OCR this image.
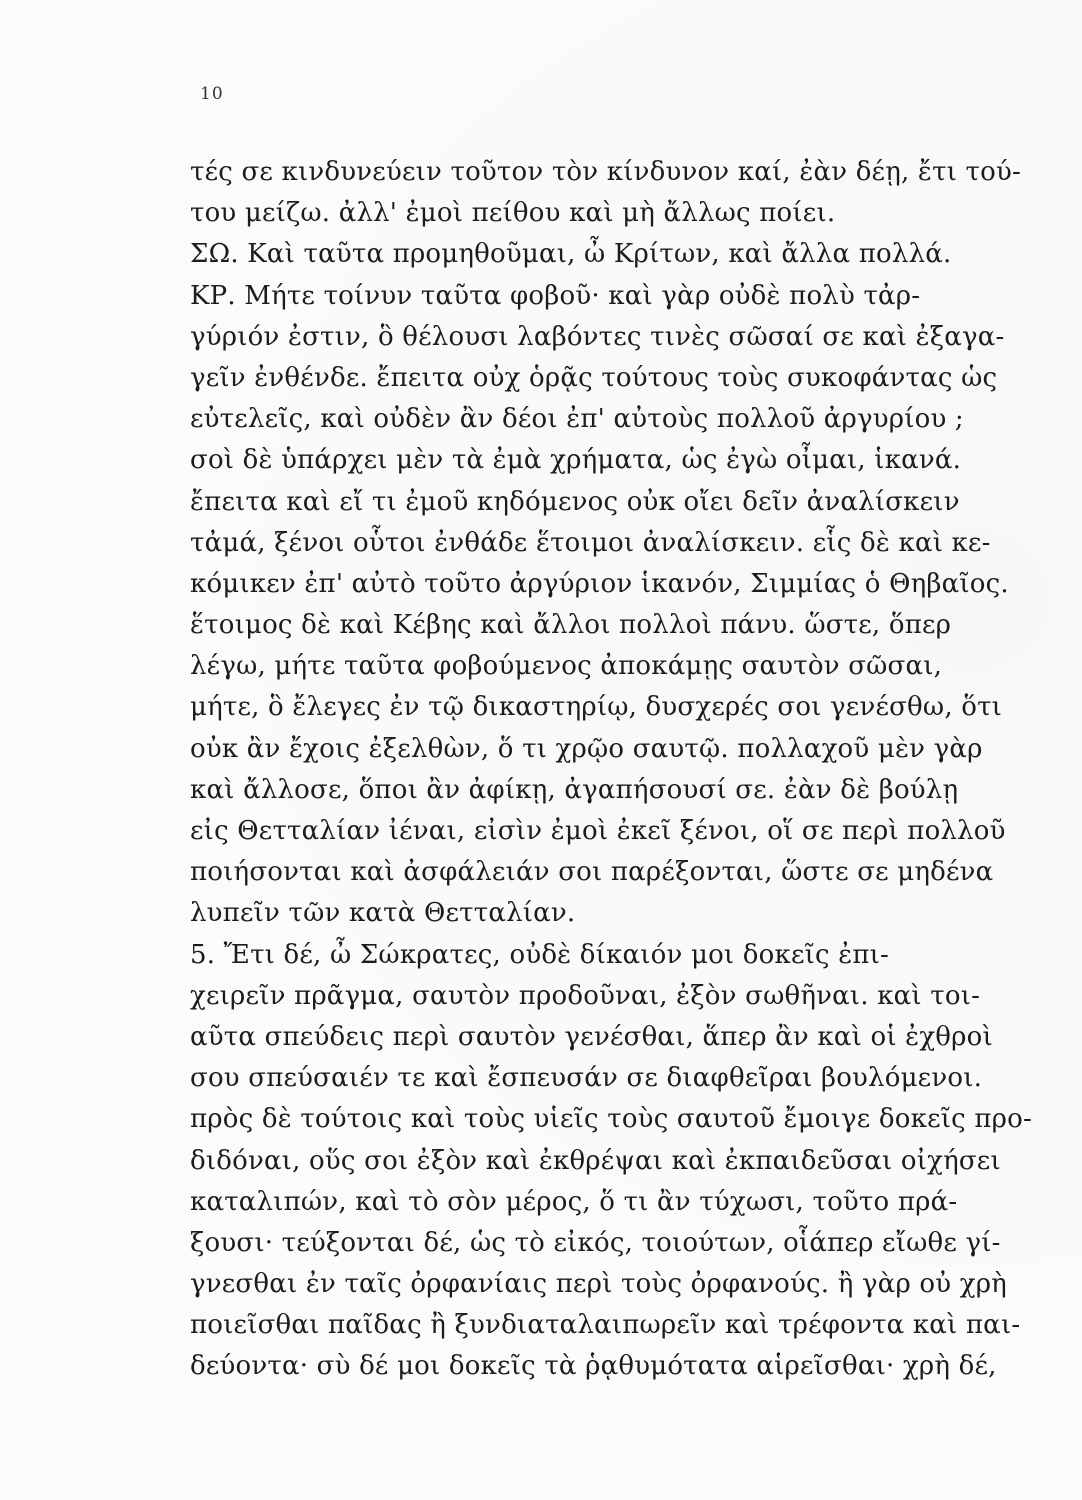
10
τές σε κινδυνεύειν τοῦτον τὸν κίνδυνον καί, ἐὰν δέῃ, ἔτι τού-
του μείζω. ἀλλ' ἐμοὶ πείθου καὶ μὴ ἄλλως ποίει.
ΣΩ. Καὶ ταῦτα προμηθοῦμαι, ὦ Κρίτων, καὶ ἄλλα πολλά.
ΚΡ. Μήτε τοίνυν ταῦτα φοβοῦ· καὶ γὰρ οὐδὲ πολὺ τἀρ-
γύριόν ἐστιν, ὃ θέλουσι λαβόντες τινὲς σῶσαί σε καὶ ἐξαγα-
γεῖν ἐνθένδε. ἔπειτα οὐχ ὁρᾷς τούτους τοὺς συκοφάντας ὡς
εὐτελεῖς, καὶ οὐδὲν ἂν δέοι ἐπ' αὐτοὺς πολλοῦ ἀργυρίου ;
σοὶ δὲ ὑπάρχει μὲν τὰ ἐμὰ χρήματα, ὡς ἐγὼ οἶμαι, ἱκανά.
ἔπειτα καὶ εἴ τι ἐμοῦ κηδόμενος οὐκ οἴει δεῖν ἀναλίσκειν
τἀμά, ξένοι οὗτοι ἐνθάδε ἕτοιμοι ἀναλίσκειν. εἷς δὲ καὶ κε-
κόμικεν ἐπ' αὐτὸ τοῦτο ἀργύριον ἱκανόν, Σιμμίας ὁ Θηβαῖος.
ἕτοιμος δὲ καὶ Κέβης καὶ ἄλλοι πολλοὶ πάνυ. ὥστε, ὅπερ
λέγω, μήτε ταῦτα φοβούμενος ἀποκάμῃς σαυτὸν σῶσαι,
μήτε, ὃ ἔλεγες ἐν τῷ δικαστηρίῳ, δυσχερές σοι γενέσθω, ὅτι
οὐκ ἂν ἔχοις ἐξελθὼν, ὅ τι χρῷο σαυτῷ. πολλαχοῦ μὲν γὰρ
καὶ ἄλλοσε, ὅποι ἂν ἀφίκῃ, ἀγαπήσουσί σε. ἐὰν δὲ βούλῃ
εἰς Θετταλίαν ἰέναι, εἰσὶν ἐμοὶ ἐκεῖ ξένοι, οἵ σε περὶ πολλοῦ
ποιήσονται καὶ ἀσφάλειάν σοι παρέξονται, ὥστε σε μηδένα
λυπεῖν τῶν κατὰ Θετταλίαν.
5. Ἔτι δέ, ὦ Σώκρατες, οὐδὲ δίκαιόν μοι δοκεῖς ἐπι-
χειρεῖν πρᾶγμα, σαυτὸν προδοῦναι, ἐξὸν σωθῆναι. καὶ τοι-
αῦτα σπεύδεις περὶ σαυτὸν γενέσθαι, ἅπερ ἂν καὶ οἱ ἐχθροὶ
σου σπεύσαιέν τε καὶ ἔσπευσάν σε διαφθεῖραι βουλόμενοι.
πρὸς δὲ τούτοις καὶ τοὺς υἱεῖς τοὺς σαυτοῦ ἔμοιγε δοκεῖς προ-
διδόναι, οὕς σοι ἐξὸν καὶ ἐκθρέψαι καὶ ἐκπαιδεῦσαι οἰχήσει
καταλιπών, καὶ τὸ σὸν μέρος, ὅ τι ἂν τύχωσι, τοῦτο πρά-
ξουσι· τεύξονται δέ, ὡς τὸ εἰκός, τοιούτων, οἷάπερ εἴωθε γί-
γνεσθαι ἐν ταῖς ὀρφανίαις περὶ τοὺς ὀρφανούς. ἢ γὰρ οὐ χρὴ
ποιεῖσθαι παῖδας ἢ ξυνδιαταλαιπωρεῖν καὶ τρέφοντα καὶ παι-
δεύοντα· σὺ δέ μοι δοκεῖς τὰ ῥᾳθυμότατα αἱρεῖσθαι· χρὴ δέ,
